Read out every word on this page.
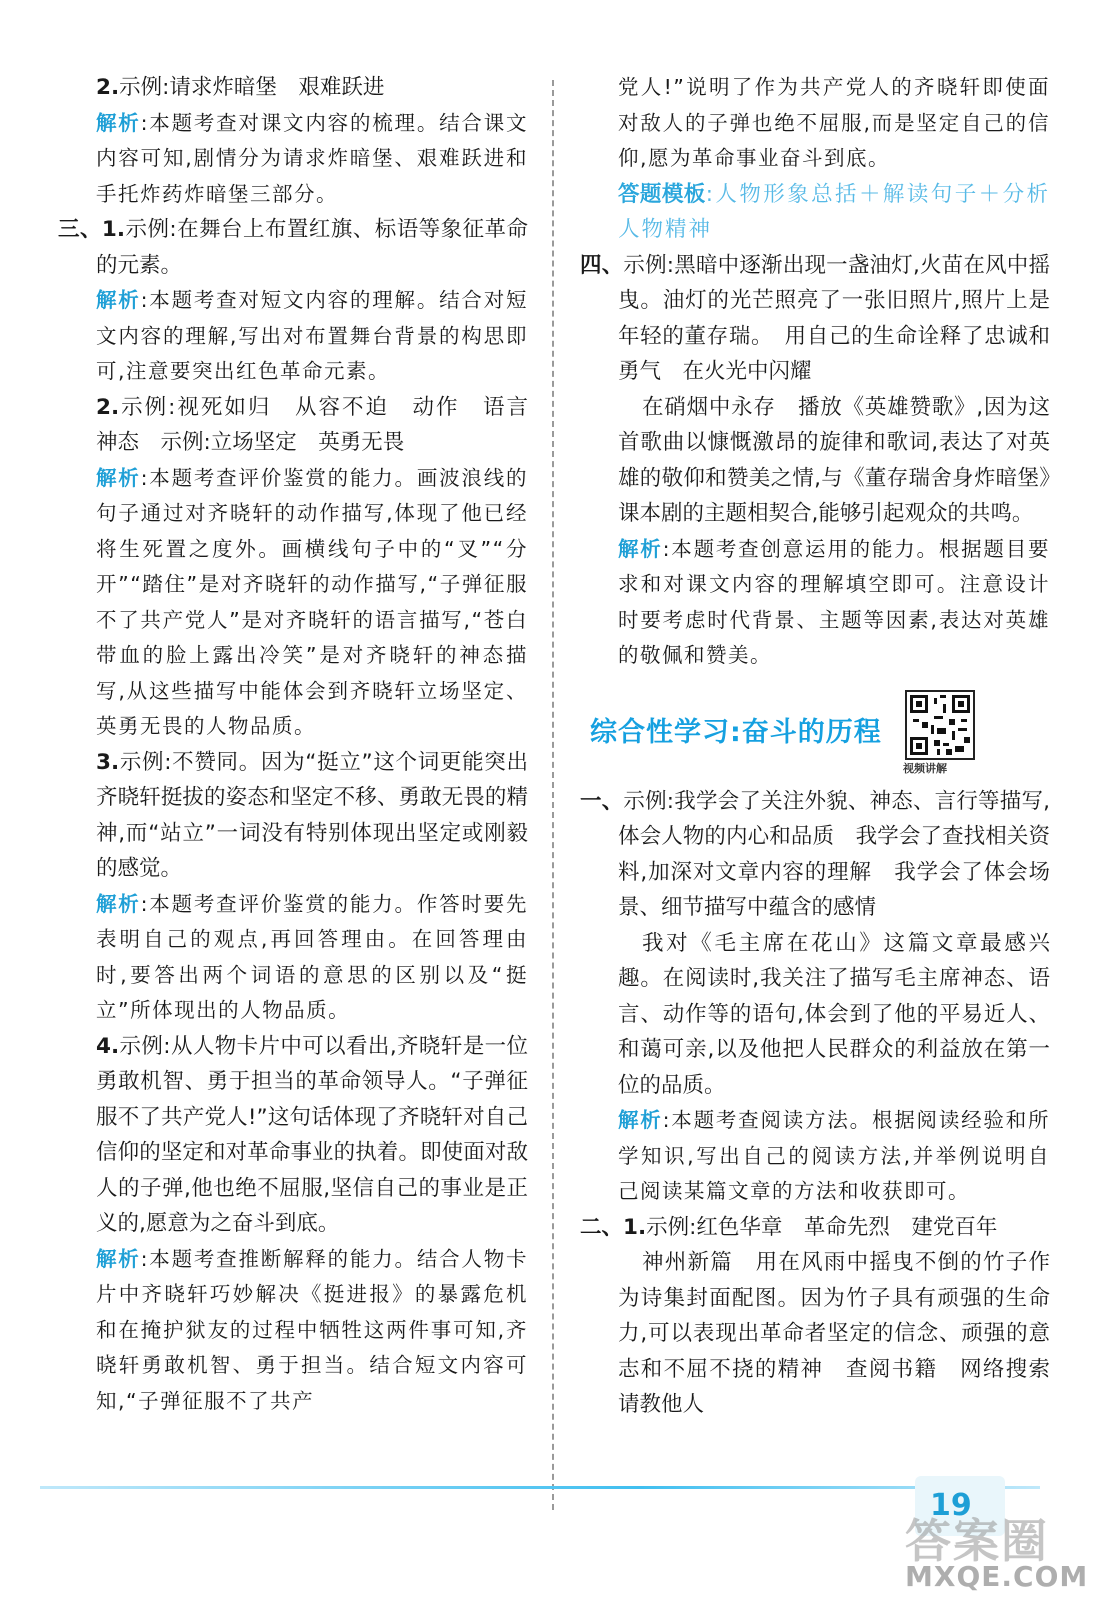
2.示例:请求炸暗堡　艰难跃进

解析:本题考查对课文内容的梳理。结合课文内容可知,剧情分为请求炸暗堡、艰难跃进和手托炸药炸暗堡三部分。

三、1.示例:在舞台上布置红旗、标语等象征革命的元素。

解析:本题考查对短文内容的理解。结合对短文内容的理解,写出对布置舞台背景的构思即可,注意要突出红色革命元素。

2.示例:视死如归　从容不迫　动作　语言　神态　示例:立场坚定　英勇无畏

解析:本题考查评价鉴赏的能力。画波浪线的句子通过对齐晓轩的动作描写,体现了他已经将生死置之度外。画横线句子中的“叉”“分开”“踏住”是对齐晓轩的动作描写,“子弹征服不了共产党人”是对齐晓轩的语言描写,“苍白带血的脸上露出冷笑”是对齐晓轩的神态描写,从这些描写中能体会到齐晓轩立场坚定、英勇无畏的人物品质。

3.示例:不赞同。因为“挺立”这个词更能突出齐晓轩挺拔的姿态和坚定不移、勇敢无畏的精神,而“站立”一词没有特别体现出坚定或刚毅的感觉。

解析:本题考查评价鉴赏的能力。作答时要先表明自己的观点,再回答理由。在回答理由时,要答出两个词语的意思的区别以及“挺立”所体现出的人物品质。

4.示例:从人物卡片中可以看出,齐晓轩是一位勇敢机智、勇于担当的革命领导人。“子弹征服不了共产党人!”这句话体现了齐晓轩对自己信仰的坚定和对革命事业的执着。即使面对敌人的子弹,他也绝不屈服,坚信自己的事业是正义的,愿意为之奋斗到底。

解析:本题考查推断解释的能力。结合人物卡片中齐晓轩巧妙解决《挺进报》的暴露危机和在掩护狱友的过程中牺牲这两件事可知,齐晓轩勇敢机智、勇于担当。结合短文内容可知,“子弹征服不了共产

党人!”说明了作为共产党人的齐晓轩即使面对敌人的子弹也绝不屈服,而是坚定自己的信仰,愿为革命事业奋斗到底。

答题模板:人物形象总括＋解读句子＋分析人物精神

四、示例:黑暗中逐渐出现一盏油灯,火苗在风中摇曳。油灯的光芒照亮了一张旧照片,照片上是年轻的董存瑞。　用自己的生命诠释了忠诚和勇气　在火光中闪耀

在硝烟中永存　播放《英雄赞歌》,因为这首歌曲以慷慨激昂的旋律和歌词,表达了对英雄的敬仰和赞美之情,与《董存瑞舍身炸暗堡》课本剧的主题相契合,能够引起观众的共鸣。

解析:本题考查创意运用的能力。根据题目要求和对课文内容的理解填空即可。注意设计时要考虑时代背景、主题等因素,表达对英雄的敬佩和赞美。

综合性学习:奋斗的历程
视频讲解

一、示例:我学会了关注外貌、神态、言行等描写,体会人物的内心和品质　我学会了查找相关资料,加深对文章内容的理解　我学会了体会场景、细节描写中蕴含的感情

我对《毛主席在花山》这篇文章最感兴趣。在阅读时,我关注了描写毛主席神态、语言、动作等的语句,体会到了他的平易近人、和蔼可亲,以及他把人民群众的利益放在第一位的品质。

解析:本题考查阅读方法。根据阅读经验和所学知识,写出自己的阅读方法,并举例说明自己阅读某篇文章的方法和收获即可。

二、1.示例:红色华章　革命先烈　建党百年

神州新篇　用在风雨中摇曳不倒的竹子作为诗集封面配图。因为竹子具有顽强的生命力,可以表现出革命者坚定的信念、顽强的意志和不屈不挠的精神　查阅书籍　网络搜索　请教他人

19
答案圈
MXQE.COM
